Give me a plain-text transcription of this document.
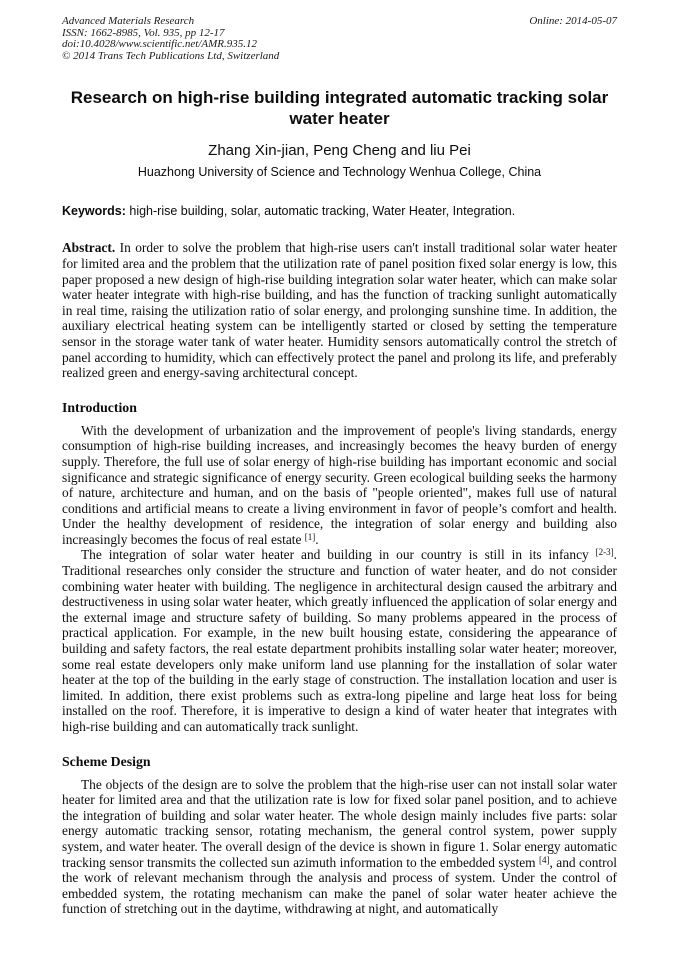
Advanced Materials Research
ISSN: 1662-8985, Vol. 935, pp 12-17
doi:10.4028/www.scientific.net/AMR.935.12
© 2014 Trans Tech Publications Ltd, Switzerland
Online: 2014-05-07
Research on high-rise building integrated automatic tracking solar water heater
Zhang Xin-jian, Peng Cheng and liu Pei
Huazhong University of Science and Technology Wenhua College, China

Keywords: high-rise building, solar, automatic tracking, Water Heater, Integration.

Abstract. In order to solve the problem that high-rise users can't install traditional solar water heater for limited area and the problem that the utilization rate of panel position fixed solar energy is low, this paper proposed a new design of high-rise building integration solar water heater, which can make solar water heater integrate with high-rise building, and has the function of tracking sunlight automatically in real time, raising the utilization ratio of solar energy, and prolonging sunshine time. In addition, the auxiliary electrical heating system can be intelligently started or closed by setting the temperature sensor in the storage water tank of water heater. Humidity sensors automatically control the stretch of panel according to humidity, which can effectively protect the panel and prolong its life, and preferably realized green and energy-saving architectural concept.

Introduction

With the development of urbanization and the improvement of people's living standards, energy consumption of high-rise building increases, and increasingly becomes the heavy burden of energy supply. Therefore, the full use of solar energy of high-rise building has important economic and social significance and strategic significance of energy security. Green ecological building seeks the harmony of nature, architecture and human, and on the basis of "people oriented", makes full use of natural conditions and artificial means to create a living environment in favor of people’s comfort and health. Under the healthy development of residence, the integration of solar energy and building also increasingly becomes the focus of real estate [1].

The integration of solar water heater and building in our country is still in its infancy [2-3]. Traditional researches only consider the structure and function of water heater, and do not consider combining water heater with building. The negligence in architectural design caused the arbitrary and destructiveness in using solar water heater, which greatly influenced the application of solar energy and the external image and structure safety of building. So many problems appeared in the process of practical application. For example, in the new built housing estate, considering the appearance of building and safety factors, the real estate department prohibits installing solar water heater; moreover, some real estate developers only make uniform land use planning for the installation of solar water heater at the top of the building in the early stage of construction. The installation location and user is limited. In addition, there exist problems such as extra-long pipeline and large heat loss for being installed on the roof. Therefore, it is imperative to design a kind of water heater that integrates with high-rise building and can automatically track sunlight.

Scheme Design

The objects of the design are to solve the problem that the high-rise user can not install solar water heater for limited area and that the utilization rate is low for fixed solar panel position, and to achieve the integration of building and solar water heater. The whole design mainly includes five parts: solar energy automatic tracking sensor, rotating mechanism, the general control system, power supply system, and water heater. The overall design of the device is shown in figure 1. Solar energy automatic tracking sensor transmits the collected sun azimuth information to the embedded system [4], and control the work of relevant mechanism through the analysis and process of system. Under the control of embedded system, the rotating mechanism can make the panel of solar water heater achieve the function of stretching out in the daytime, withdrawing at night, and automatically
